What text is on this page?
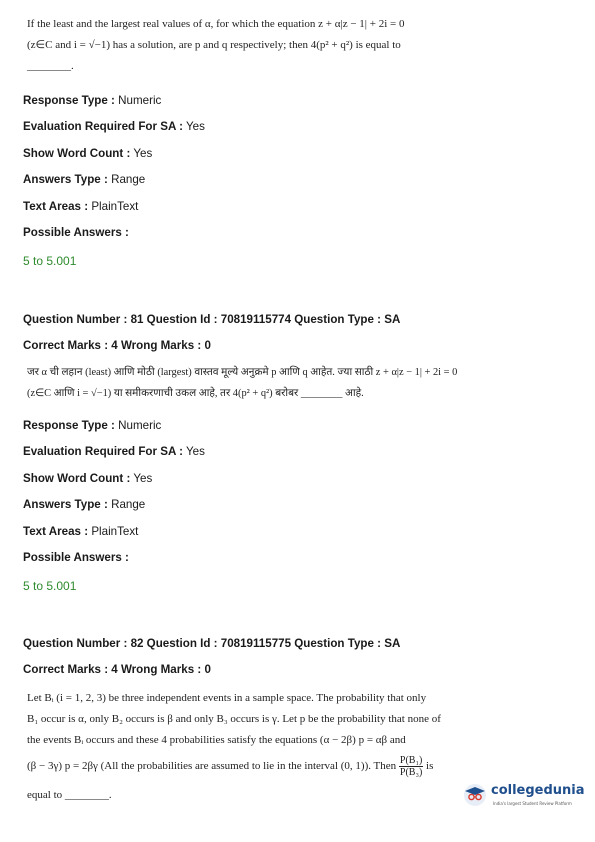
If the least and the largest real values of α, for which the equation z + α|z − 1| + 2i = 0

(z∈C and i = √−1) has a solution, are p and q respectively; then 4(p² + q²) is equal to

________.

Response Type : Numeric
Evaluation Required For SA : Yes
Show Word Count : Yes
Answers Type : Range
Text Areas : PlainText
Possible Answers :
5 to 5.001
Question Number : 81 Question Id : 70819115774 Question Type : SA
Correct Marks : 4 Wrong Marks : 0

जर α ची लहान (least) आणि मोठी (largest) वास्तव मूल्ये अनुक्रमे p आणि q आहेत. ज्या साठी z + α|z − 1| + 2i = 0

(z∈C आणि i = √−1) या समीकरणाची उकल आहे, तर 4(p² + q²) बरोबर ________ आहे.

Response Type : Numeric
Evaluation Required For SA : Yes
Show Word Count : Yes
Answers Type : Range
Text Areas : PlainText
Possible Answers :
5 to 5.001
Question Number : 82 Question Id : 70819115775 Question Type : SA
Correct Marks : 4 Wrong Marks : 0

Let Bᵢ (i = 1, 2, 3) be three independent events in a sample space. The probability that only

B₁ occur is α, only B₂ occurs is β and only B₃ occurs is γ. Let p be the probability that none of

the events Bᵢ occurs and these 4 probabilities satisfy the equations (α − 2β) p = αβ and

(β − 3γ) p = 2βγ (All the probabilities are assumed to lie in the interval (0, 1)). Then $\frac{\text{P(B₁)}}{\text{P(B₃)}}$ is

equal to ________.	collegedunia
India's largest Student Review Platform
